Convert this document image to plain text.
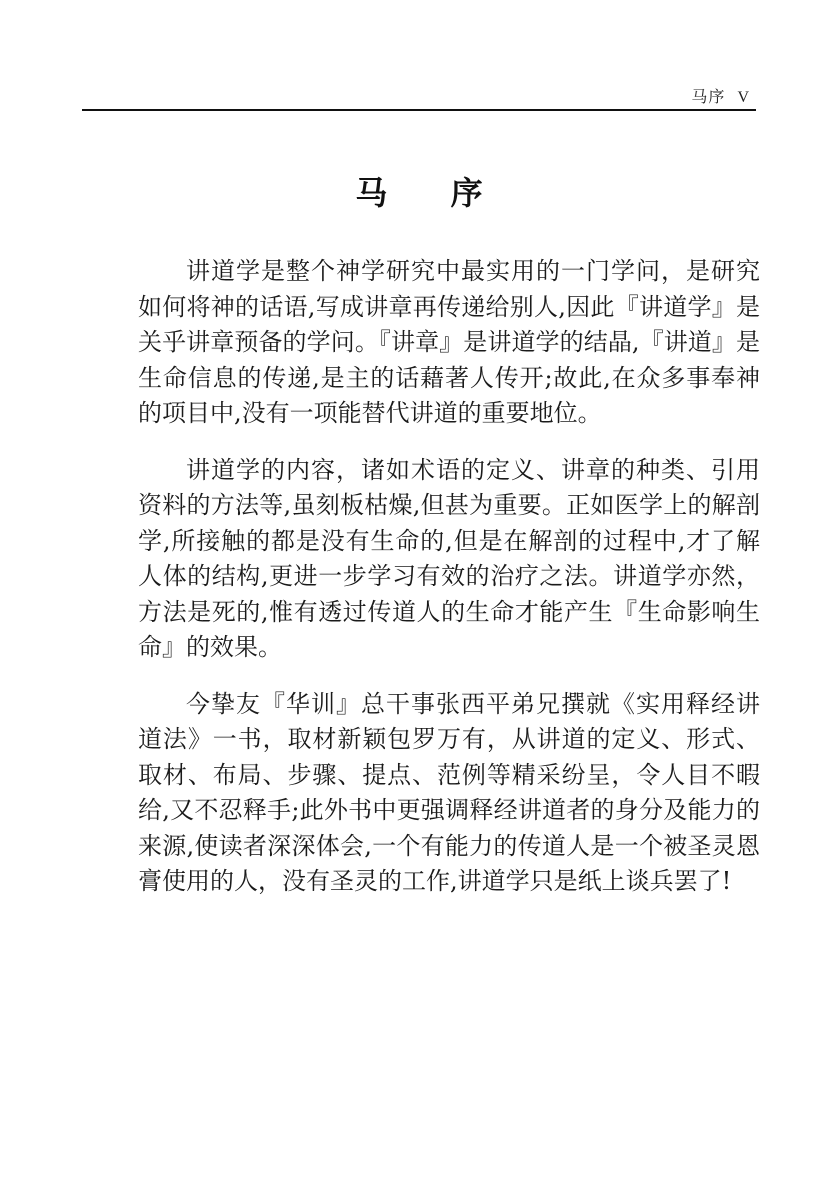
马序 V
马 序

讲道学是整个神学研究中最实用的一门学问，是研究如何将神的话语,写成讲章再传递给别人,因此『讲道学』是关乎讲章预备的学问。『讲章』是讲道学的结晶,『讲道』是生命信息的传递,是主的话藉著人传开;故此,在众多事奉神的项目中,没有一项能替代讲道的重要地位。

讲道学的内容，诸如术语的定义、讲章的种类、引用资料的方法等,虽刻板枯燥,但甚为重要。正如医学上的解剖学,所接触的都是没有生命的,但是在解剖的过程中,才了解人体的结构,更进一步学习有效的治疗之法。讲道学亦然，方法是死的,惟有透过传道人的生命才能产生『生命影响生命』的效果。

今挚友『华训』总干事张西平弟兄撰就《实用释经讲道法》一书，取材新颖包罗万有，从讲道的定义、形式、取材、布局、步骤、提点、范例等精采纷呈，令人目不暇给,又不忍释手;此外书中更强调释经讲道者的身分及能力的来源,使读者深深体会,一个有能力的传道人是一个被圣灵恩膏使用的人，没有圣灵的工作,讲道学只是纸上谈兵罢了!
